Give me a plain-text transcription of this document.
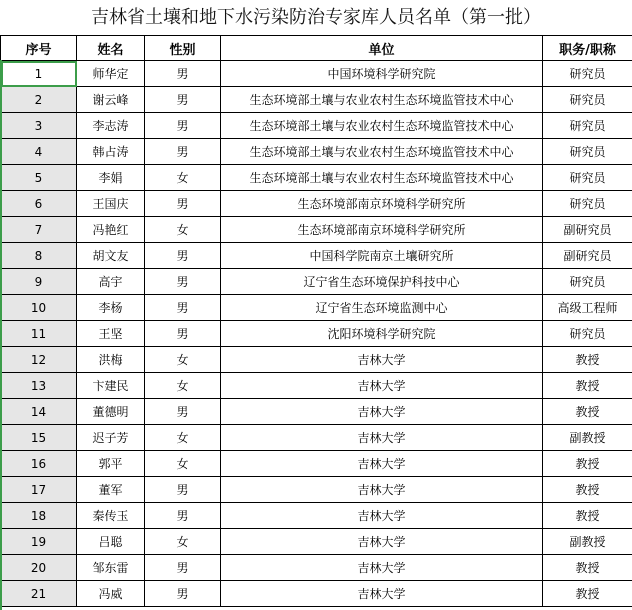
吉林省土壤和地下水污染防治专家库人员名单（第一批）
序号	姓名	性别	单位	职务/职称
1	师华定	男	中国环境科学研究院	研究员
2	谢云峰	男	生态环境部土壤与农业农村生态环境监管技术中心	研究员
3	李志涛	男	生态环境部土壤与农业农村生态环境监管技术中心	研究员
4	韩占涛	男	生态环境部土壤与农业农村生态环境监管技术中心	研究员
5	李娟	女	生态环境部土壤与农业农村生态环境监管技术中心	研究员
6	王国庆	男	生态环境部南京环境科学研究所	研究员
7	冯艳红	女	生态环境部南京环境科学研究所	副研究员
8	胡文友	男	中国科学院南京土壤研究所	副研究员
9	高宇	男	辽宁省生态环境保护科技中心	研究员
10	李杨	男	辽宁省生态环境监测中心	高级工程师
11	王坚	男	沈阳环境科学研究院	研究员
12	洪梅	女	吉林大学	教授
13	卞建民	女	吉林大学	教授
14	董德明	男	吉林大学	教授
15	迟子芳	女	吉林大学	副教授
16	郭平	女	吉林大学	教授
17	董军	男	吉林大学	教授
18	秦传玉	男	吉林大学	教授
19	吕聪	女	吉林大学	副教授
20	邹东雷	男	吉林大学	教授
21	冯威	男	吉林大学	教授
